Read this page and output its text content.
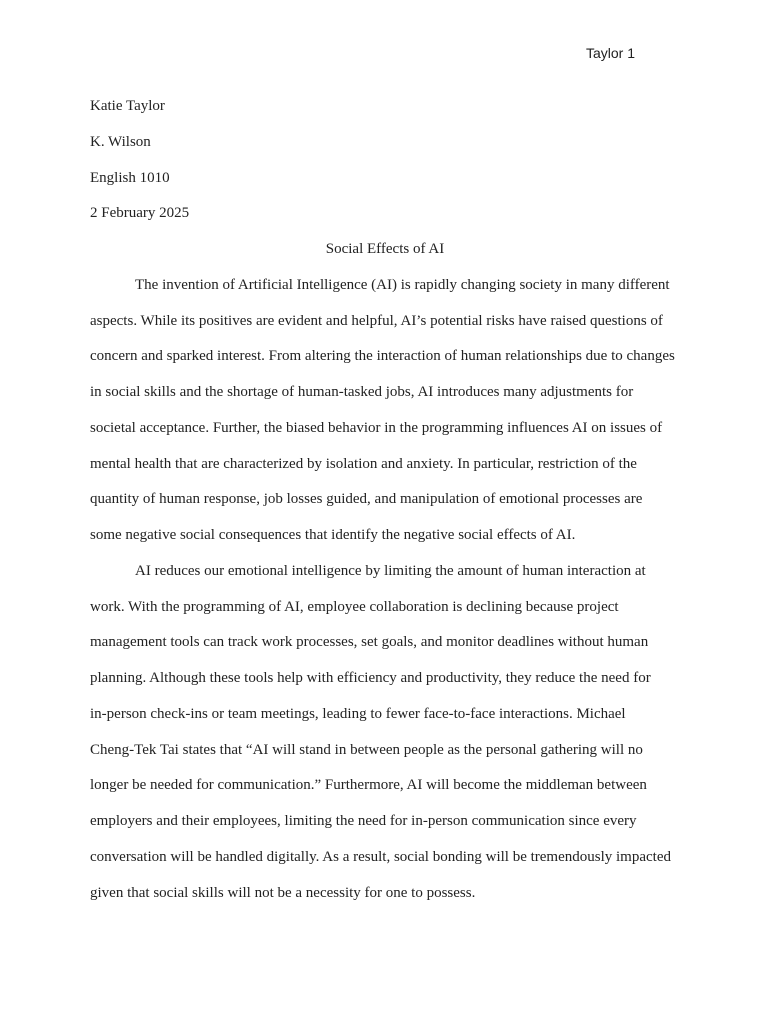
Taylor 1
Katie Taylor
K. Wilson
English 1010
2 February 2025
Social Effects of AI
The invention of Artificial Intelligence (AI) is rapidly changing society in many different
aspects. While its positives are evident and helpful, AI’s potential risks have raised questions of
concern and sparked interest. From altering the interaction of human relationships due to changes
in social skills and the shortage of human-tasked jobs, AI introduces many adjustments for
societal acceptance. Further, the biased behavior in the programming influences AI on issues of
mental health that are characterized by isolation and anxiety. In particular, restriction of the
quantity of human response, job losses guided, and manipulation of emotional processes are
some negative social consequences that identify the negative social effects of AI.
AI reduces our emotional intelligence by limiting the amount of human interaction at
work. With the programming of AI, employee collaboration is declining because project
management tools can track work processes, set goals, and monitor deadlines without human
planning. Although these tools help with efficiency and productivity, they reduce the need for
in-person check-ins or team meetings, leading to fewer face-to-face interactions. Michael
Cheng-Tek Tai states that “AI will stand in between people as the personal gathering will no
longer be needed for communication.” Furthermore, AI will become the middleman between
employers and their employees, limiting the need for in-person communication since every
conversation will be handled digitally. As a result, social bonding will be tremendously impacted
given that social skills will not be a necessity for one to possess.
